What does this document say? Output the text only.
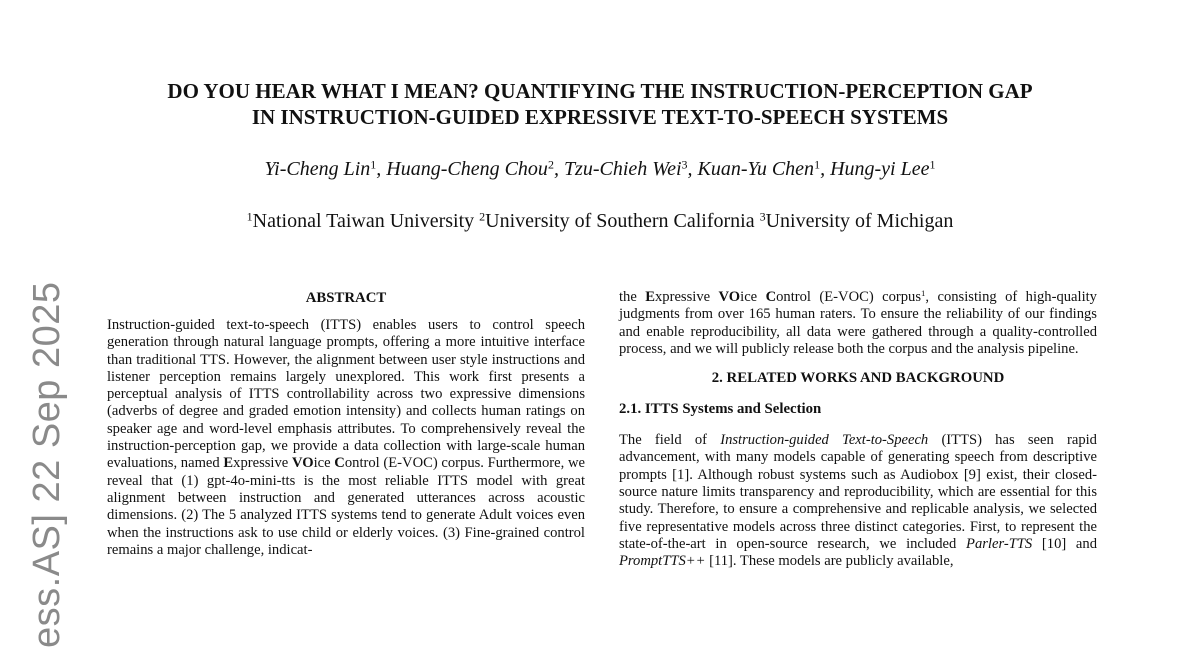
ess.AS] 22 Sep 2025
DO YOU HEAR WHAT I MEAN? QUANTIFYING THE INSTRUCTION-PERCEPTION GAP
IN INSTRUCTION-GUIDED EXPRESSIVE TEXT-TO-SPEECH SYSTEMS
Yi-Cheng Lin$^1$, Huang-Cheng Chou$^2$, Tzu-Chieh Wei$^3$, Kuan-Yu Chen$^1$, Hung-yi Lee$^1$
$^1$National Taiwan University $^2$University of Southern California $^3$University of Michigan
ABSTRACT

Instruction-guided text-to-speech (ITTS) enables users to control speech generation through natural language prompts, offering a more intuitive interface than traditional TTS. However, the alignment between user style instructions and listener perception remains largely unexplored. This work first presents a perceptual analysis of ITTS controllability across two expressive dimensions (adverbs of degree and graded emotion intensity) and collects human ratings on speaker age and word-level emphasis attributes. To comprehensively reveal the instruction-perception gap, we provide a data collection with large-scale human evaluations, named Expressive VOice Control (E-VOC) corpus. Furthermore, we reveal that (1) gpt-4o-mini-tts is the most reliable ITTS model with great alignment between instruction and generated utterances across acoustic dimensions. (2) The 5 analyzed ITTS systems tend to generate Adult voices even when the instructions ask to use child or elderly voices. (3) Fine-grained control remains a major challenge, indicat-

the Expressive VOice Control (E-VOC) corpus$^1$, consisting of high-quality judgments from over 165 human raters. To ensure the reliability of our findings and enable reproducibility, all data were gathered through a quality-controlled process, and we will publicly release both the corpus and the analysis pipeline.

2. RELATED WORKS AND BACKGROUND
2.1. ITTS Systems and Selection

The field of Instruction-guided Text-to-Speech (ITTS) has seen rapid advancement, with many models capable of generating speech from descriptive prompts [1]. Although robust systems such as Audiobox [9] exist, their closed-source nature limits transparency and reproducibility, which are essential for this study. Therefore, to ensure a comprehensive and replicable analysis, we selected five representative models across three distinct categories. First, to represent the state-of-the-art in open-source research, we included Parler-TTS [10] and PromptTTS++ [11]. These models are publicly available,
